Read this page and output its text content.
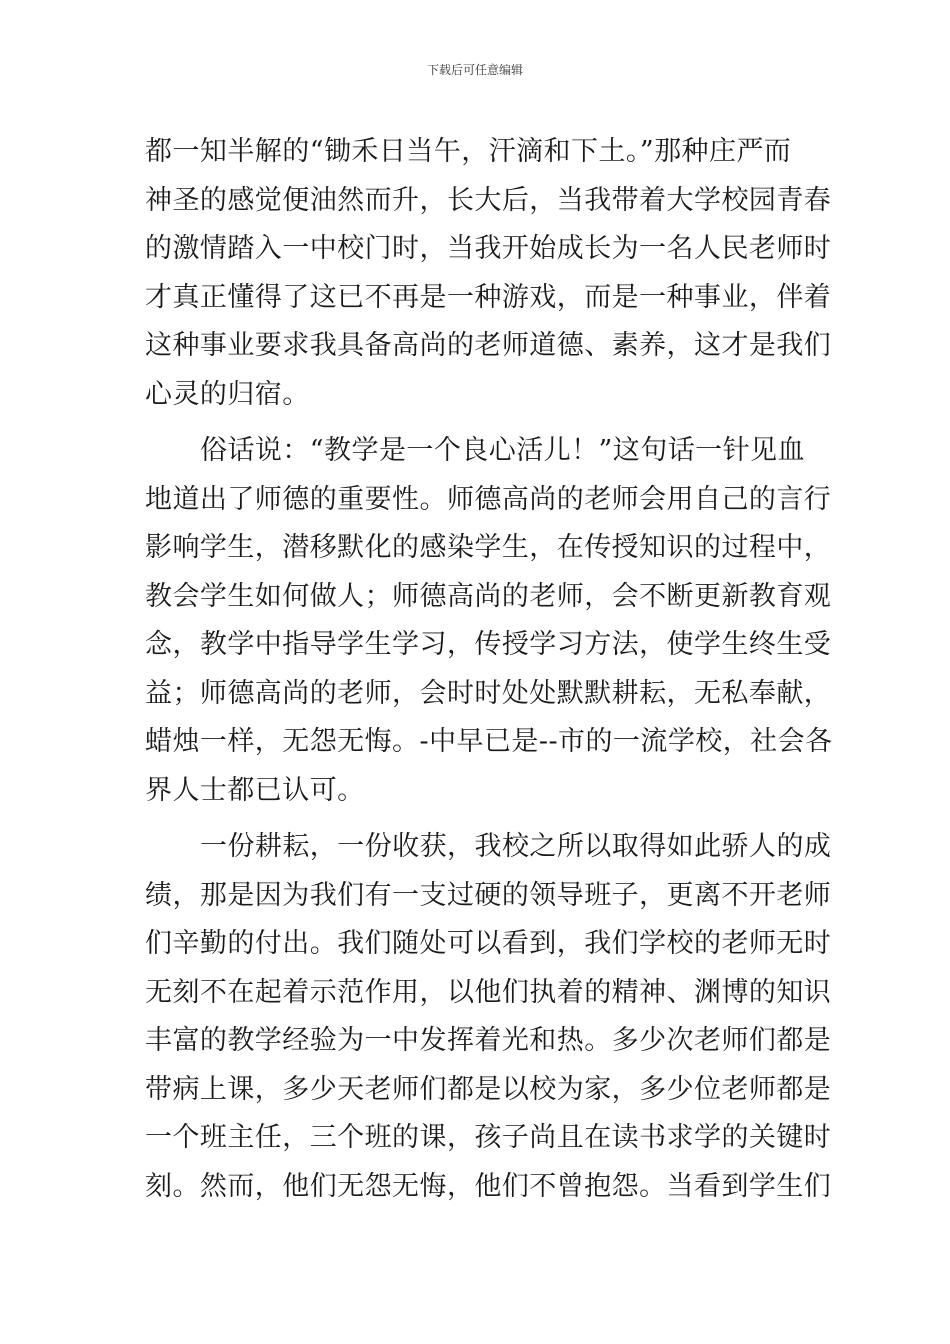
下载后可任意编辑

都一知半解的“锄禾日当午，汗滴和下土。”那种庄严而
神圣的感觉便油然而升，长大后，当我带着大学校园青春
的激情踏入一中校门时，当我开始成长为一名人民老师时
才真正懂得了这已不再是一种游戏，而是一种事业，伴着
这种事业要求我具备高尚的老师道德、素养，这才是我们
心灵的归宿。

俗话说：“教学是一个良心活儿！”这句话一针见血
地道出了师德的重要性。师德高尚的老师会用自己的言行
影响学生，潜移默化的感染学生，在传授知识的过程中，
教会学生如何做人；师德高尚的老师，会不断更新教育观
念，教学中指导学生学习，传授学习方法，使学生终生受
益；师德高尚的老师，会时时处处默默耕耘，无私奉献，
蜡烛一样，无怨无悔。-中早已是--市的一流学校，社会各
界人士都已认可。

一份耕耘，一份收获，我校之所以取得如此骄人的成
绩，那是因为我们有一支过硬的领导班子，更离不开老师
们辛勤的付出。我们随处可以看到，我们学校的老师无时
无刻不在起着示范作用，以他们执着的精神、渊博的知识
丰富的教学经验为一中发挥着光和热。多少次老师们都是
带病上课，多少天老师们都是以校为家，多少位老师都是
一个班主任，三个班的课，孩子尚且在读书求学的关键时
刻。然而，他们无怨无悔，他们不曾抱怨。当看到学生们
